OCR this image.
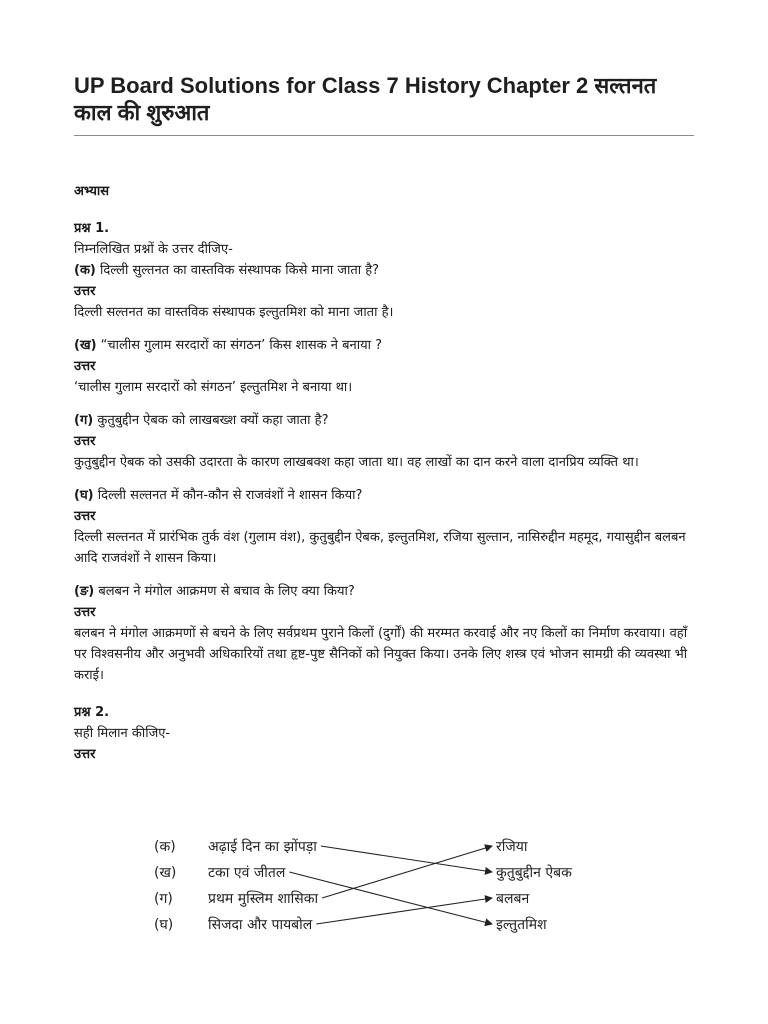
UP Board Solutions for Class 7 History Chapter 2 सल्तनत काल की शुरुआत

अभ्यास

प्रश्न 1.

निम्नलिखित प्रश्नों के उत्तर दीजिए-

(क) दिल्ली सुल्तनत का वास्तविक संस्थापक किसे माना जाता है?

उत्तर

दिल्ली सल्तनत का वास्तविक संस्थापक इल्तुतमिश को माना जाता है।

(ख) “चालीस गुलाम सरदारों का संगठन’ किस शासक ने बनाया ?

उत्तर

‘चालीस गुलाम सरदारों को संगठन’ इल्तुतमिश ने बनाया था।

(ग) कुतुबुद्दीन ऐबक को लाखबख्श क्यों कहा जाता है?

उत्तर

कुतुबुद्दीन ऐबक को उसकी उदारता के कारण लाखबक्श कहा जाता था। वह लाखों का दान करने वाला दानप्रिय व्यक्ति था।

(घ) दिल्ली सल्तनत में कौन-कौन से राजवंशों ने शासन किया?

उत्तर

दिल्ली सल्तनत में प्रारंभिक तुर्क वंश (गुलाम वंश), कुतुबुद्दीन ऐबक, इल्तुतमिश, रजिया सुल्तान, नासिरुद्दीन महमूद, गयासुद्दीन बलबन आदि राजवंशों ने शासन किया।

(ङ) बलबन ने मंगोल आक्रमण से बचाव के लिए क्या किया?

उत्तर

बलबन ने मंगोल आक्रमणों से बचने के लिए सर्वप्रथम पुराने किलों (दुर्गों) की मरम्मत करवाई और नए किलों का निर्माण करवाया। वहाँ पर विश्वसनीय और अनुभवी अधिकारियों तथा हृष्ट-पुष्ट सैनिकों को नियुक्त किया। उनके लिए शस्त्र एवं भोजन सामग्री की व्यवस्था भी कराई।

प्रश्न 2.

सही मिलान कीजिए-

उत्तर

(क) अढ़ाई दिन का झोंपड़ा
(ख) टका एवं जीतल
(ग)	प्रथम मुस्लिम शासिका
(घ) सिजदा और पायबोल
रजिया
कुतुबुद्दीन ऐबक
बलबन
इल्तुतमिश
